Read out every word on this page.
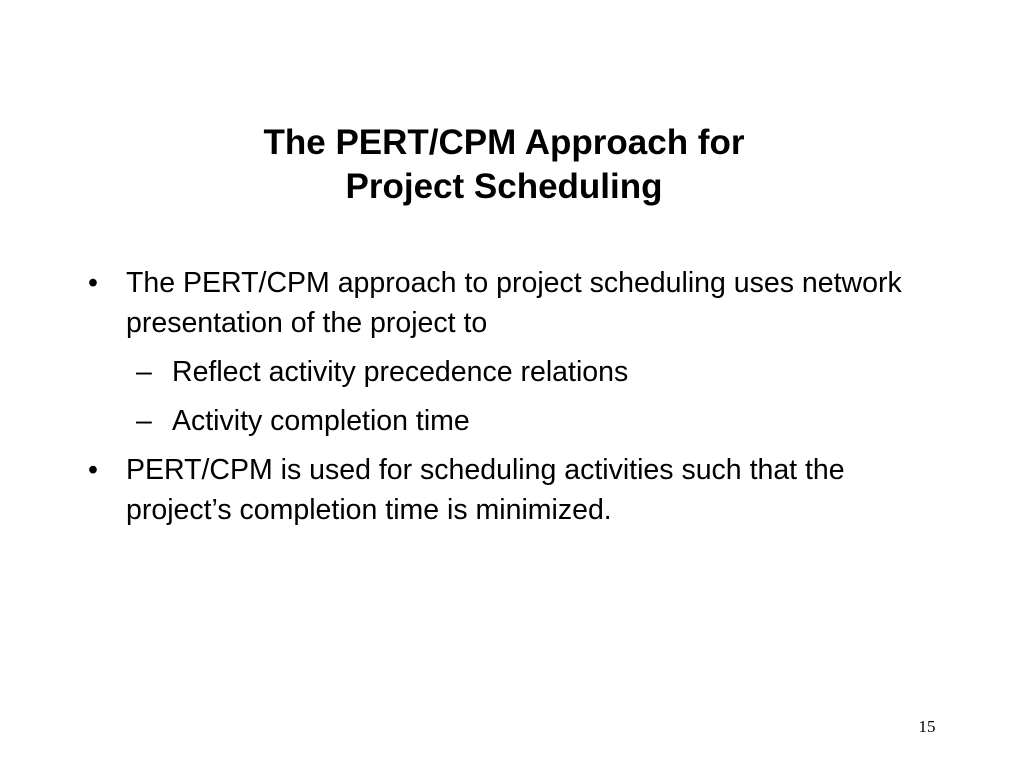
The PERT/CPM Approach for
Project Scheduling
• The PERT/CPM approach to project scheduling uses network presentation of the project to
– Reflect activity precedence relations
– Activity completion time
• PERT/CPM is used for scheduling activities such that the project’s completion time is minimized.
15
